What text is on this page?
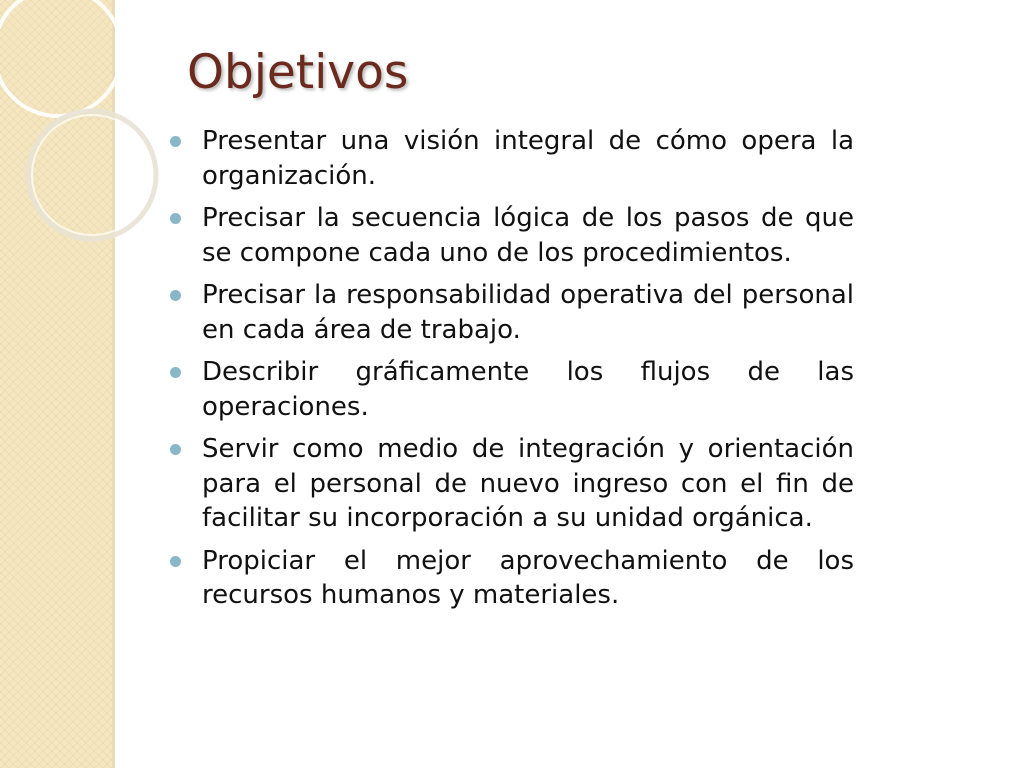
Objetivos
Presentar una visión integral de cómo opera la organización.
Precisar la secuencia lógica de los pasos de que se compone cada uno de los procedimientos.
Precisar la responsabilidad operativa del personal en cada área de trabajo.
Describir gráficamente los flujos de las operaciones.
Servir como medio de integración y orientación para el personal de nuevo ingreso con el fin de facilitar su incorporación a su unidad orgánica.
Propiciar el mejor aprovechamiento de los recursos humanos y materiales.
